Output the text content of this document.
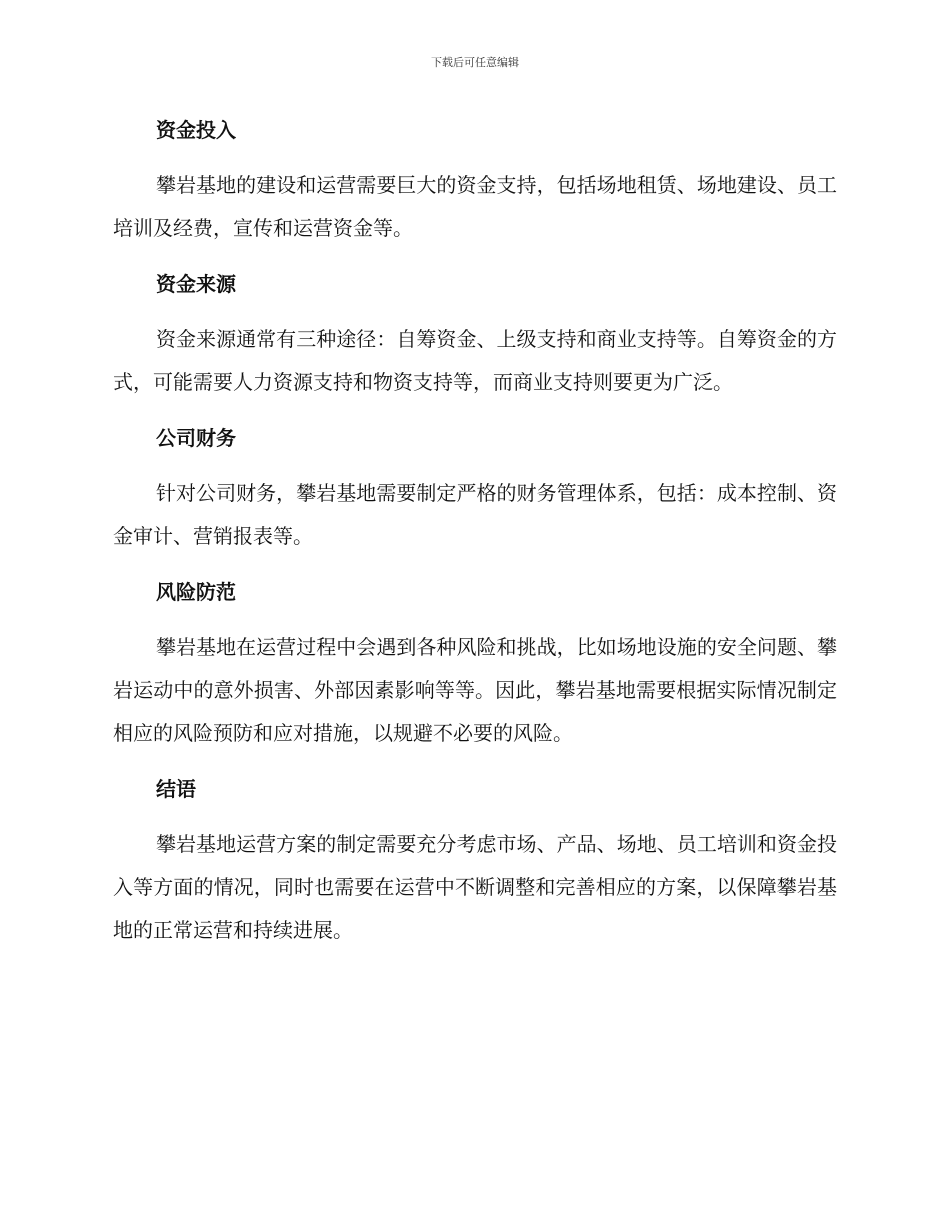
下载后可任意编辑
资金投入
攀岩基地的建设和运营需要巨大的资金支持，包括场地租赁、场地建设、员工培训及经费，宣传和运营资金等。
资金来源
资金来源通常有三种途径：自筹资金、上级支持和商业支持等。自筹资金的方式，可能需要人力资源支持和物资支持等，而商业支持则要更为广泛。
公司财务
针对公司财务，攀岩基地需要制定严格的财务管理体系，包括：成本控制、资金审计、营销报表等。
风险防范
攀岩基地在运营过程中会遇到各种风险和挑战，比如场地设施的安全问题、攀岩运动中的意外损害、外部因素影响等等。因此，攀岩基地需要根据实际情况制定相应的风险预防和应对措施，以规避不必要的风险。
结语
攀岩基地运营方案的制定需要充分考虑市场、产品、场地、员工培训和资金投入等方面的情况，同时也需要在运营中不断调整和完善相应的方案，以保障攀岩基地的正常运营和持续进展。
